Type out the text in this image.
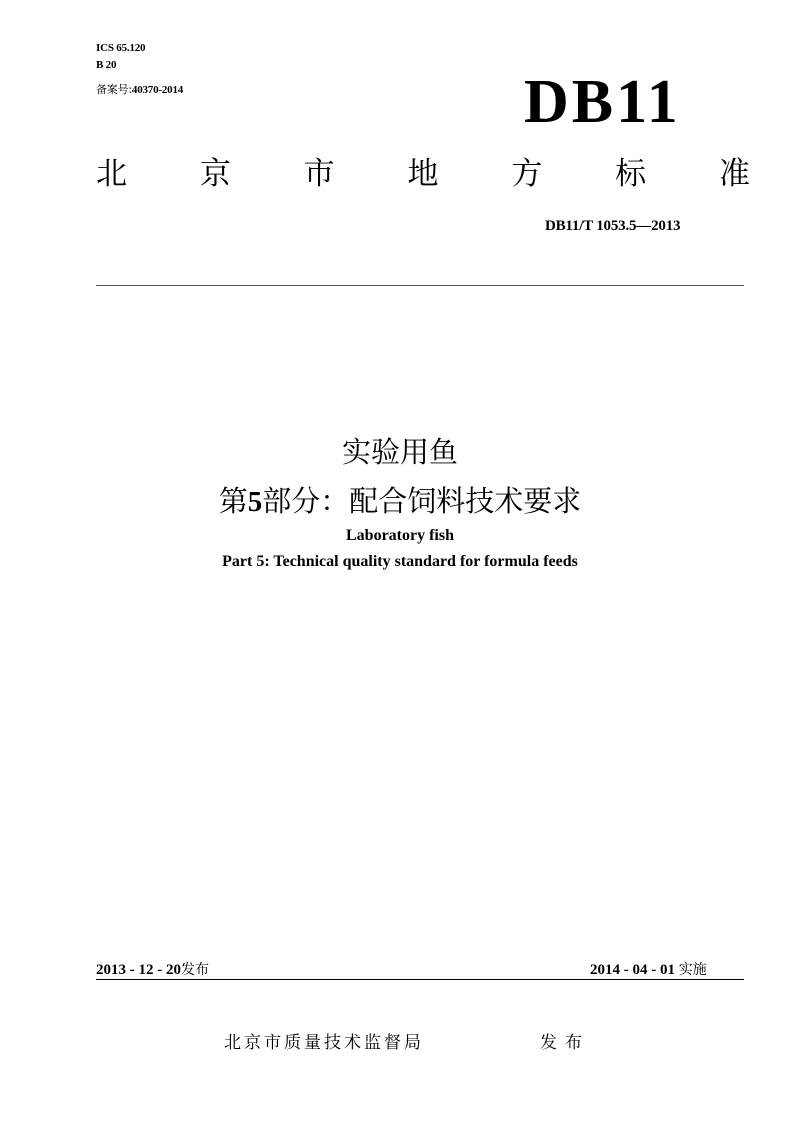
ICS 65.120
B 20
备案号:40370-2014	DB11
北 京 市 地 方 标 准
DB11/T 1053.5—2013
实验用鱼
第5部分：配合饲料技术要求
Laboratory fish
Part 5: Technical quality standard for formula feeds
2013 - 12 - 20发布	2014 - 04 - 01 实施
北京市质量技术监督局	发布
